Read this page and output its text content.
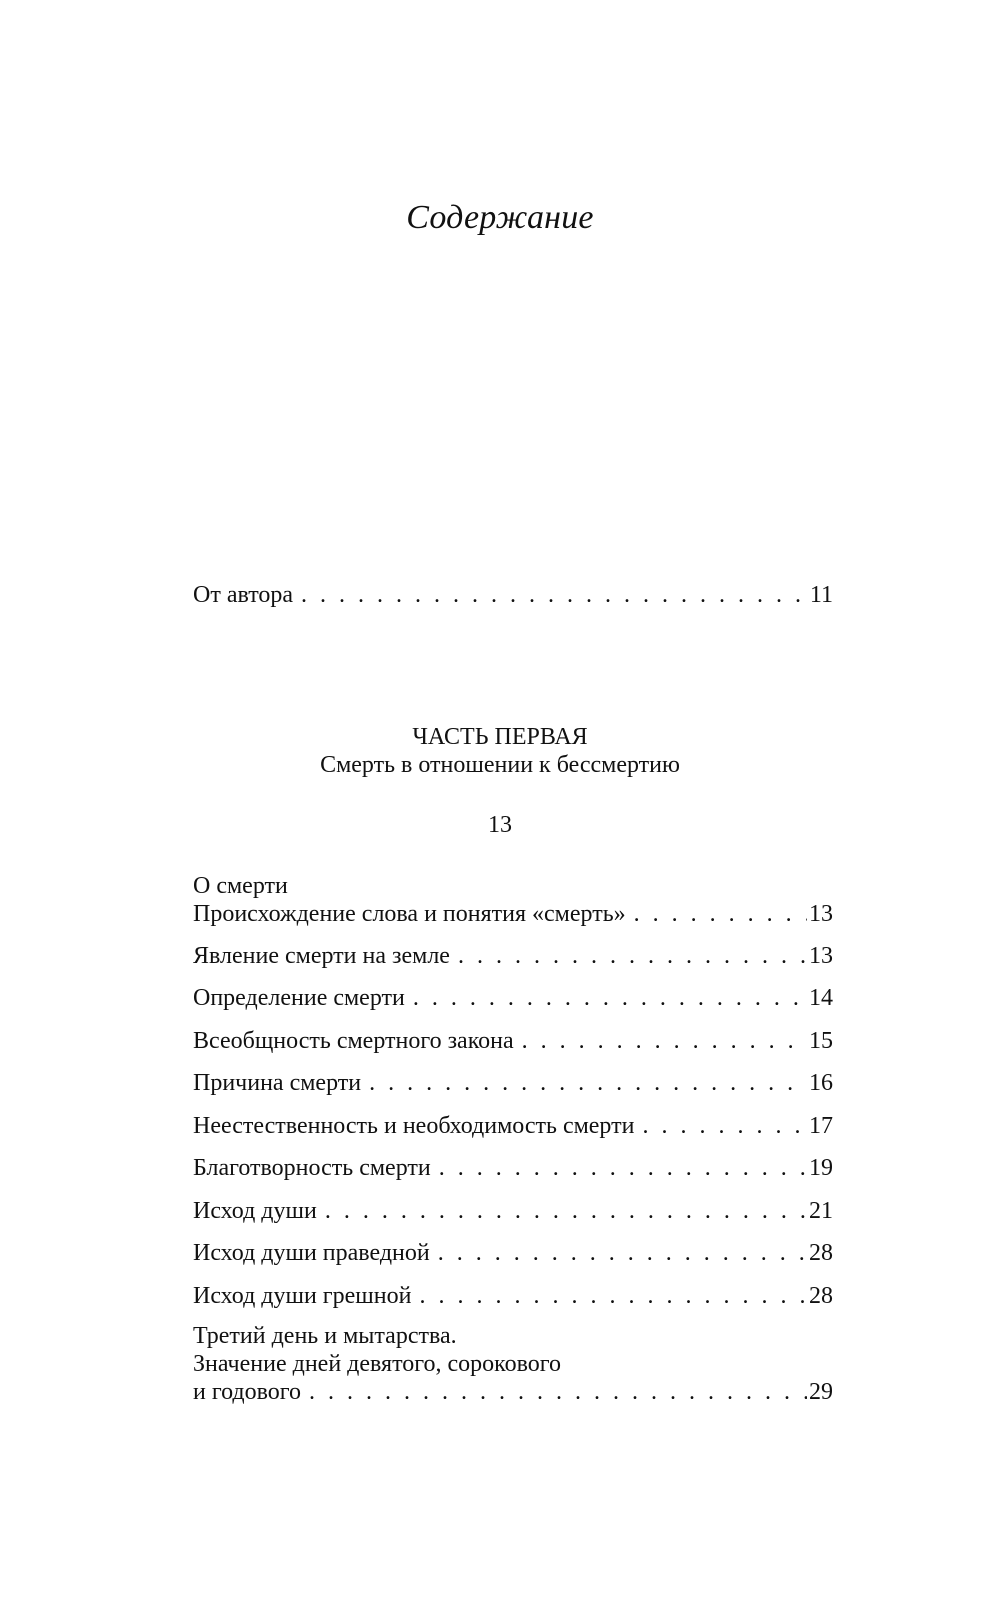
Содержание
От автора . . .	11
ЧАСТЬ ПЕРВАЯ
Смерть в отношении к бессмертию
13
О смерти
Происхождение слова и понятия «смерть» . . .	13
Явление смерти на земле . . .	13
Определение смерти . . .	14
Всеобщность смертного закона . . .	15
Причина смерти . . .	16
Неестественность и необходимость смерти . . .	17
Благотворность смерти . . .	19
Исход души . . .	21
Исход души праведной . . .	28
Исход души грешной . . .	28
Третий день и мытарства.
Значение дней девятого, сорокового
и годового . . .	29
